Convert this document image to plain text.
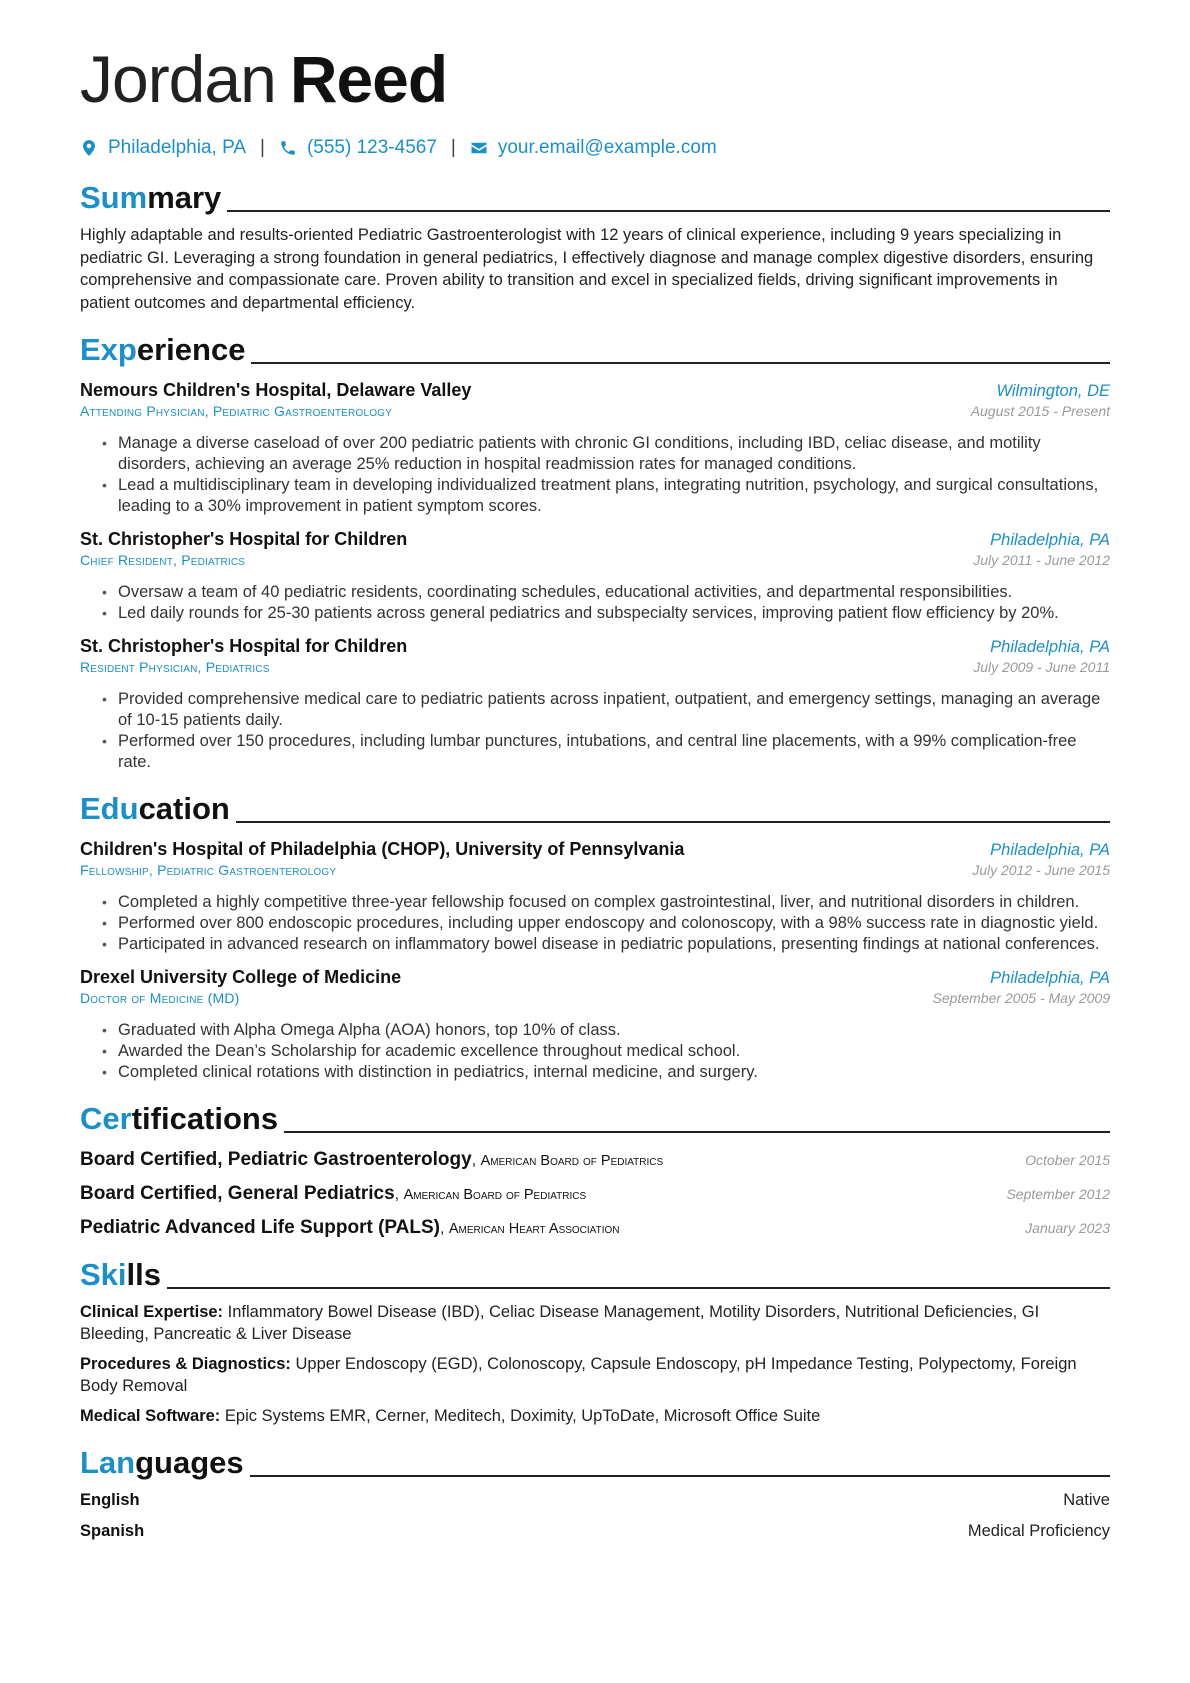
Jordan Reed
Philadelphia, PA | (555) 123-4567 | your.email@example.com
Summary
Highly adaptable and results-oriented Pediatric Gastroenterologist with 12 years of clinical experience, including 9 years specializing in pediatric GI. Leveraging a strong foundation in general pediatrics, I effectively diagnose and manage complex digestive disorders, ensuring comprehensive and compassionate care. Proven ability to transition and excel in specialized fields, driving significant improvements in patient outcomes and departmental efficiency.
Experience
Nemours Children's Hospital, Delaware Valley	Wilmington, DE
Attending Physician, Pediatric Gastroenterology	August 2015 - Present
• Manage a diverse caseload of over 200 pediatric patients with chronic GI conditions, including IBD, celiac disease, and motility disorders, achieving an average 25% reduction in hospital readmission rates for managed conditions.
• Lead a multidisciplinary team in developing individualized treatment plans, integrating nutrition, psychology, and surgical consultations, leading to a 30% improvement in patient symptom scores.
St. Christopher's Hospital for Children	Philadelphia, PA
Chief Resident, Pediatrics	July 2011 - June 2012
• Oversaw a team of 40 pediatric residents, coordinating schedules, educational activities, and departmental responsibilities.
• Led daily rounds for 25-30 patients across general pediatrics and subspecialty services, improving patient flow efficiency by 20%.
St. Christopher's Hospital for Children	Philadelphia, PA
Resident Physician, Pediatrics	July 2009 - June 2011
• Provided comprehensive medical care to pediatric patients across inpatient, outpatient, and emergency settings, managing an average of 10-15 patients daily.
• Performed over 150 procedures, including lumbar punctures, intubations, and central line placements, with a 99% complication-free rate.
Education
Children's Hospital of Philadelphia (CHOP), University of Pennsylvania	Philadelphia, PA
Fellowship, Pediatric Gastroenterology	July 2012 - June 2015
• Completed a highly competitive three-year fellowship focused on complex gastrointestinal, liver, and nutritional disorders in children.
• Performed over 800 endoscopic procedures, including upper endoscopy and colonoscopy, with a 98% success rate in diagnostic yield.
• Participated in advanced research on inflammatory bowel disease in pediatric populations, presenting findings at national conferences.
Drexel University College of Medicine	Philadelphia, PA
Doctor of Medicine (MD)	September 2005 - May 2009
• Graduated with Alpha Omega Alpha (AOA) honors, top 10% of class.
• Awarded the Dean’s Scholarship for academic excellence throughout medical school.
• Completed clinical rotations with distinction in pediatrics, internal medicine, and surgery.
Certifications
Board Certified, Pediatric Gastroenterology, American Board of Pediatrics	October 2015
Board Certified, General Pediatrics, American Board of Pediatrics	September 2012
Pediatric Advanced Life Support (PALS), American Heart Association	January 2023
Skills
Clinical Expertise: Inflammatory Bowel Disease (IBD), Celiac Disease Management, Motility Disorders, Nutritional Deficiencies, GI Bleeding, Pancreatic & Liver Disease
Procedures & Diagnostics: Upper Endoscopy (EGD), Colonoscopy, Capsule Endoscopy, pH Impedance Testing, Polypectomy, Foreign Body Removal
Medical Software: Epic Systems EMR, Cerner, Meditech, Doximity, UpToDate, Microsoft Office Suite
Languages
English	Native
Spanish	Medical Proficiency
